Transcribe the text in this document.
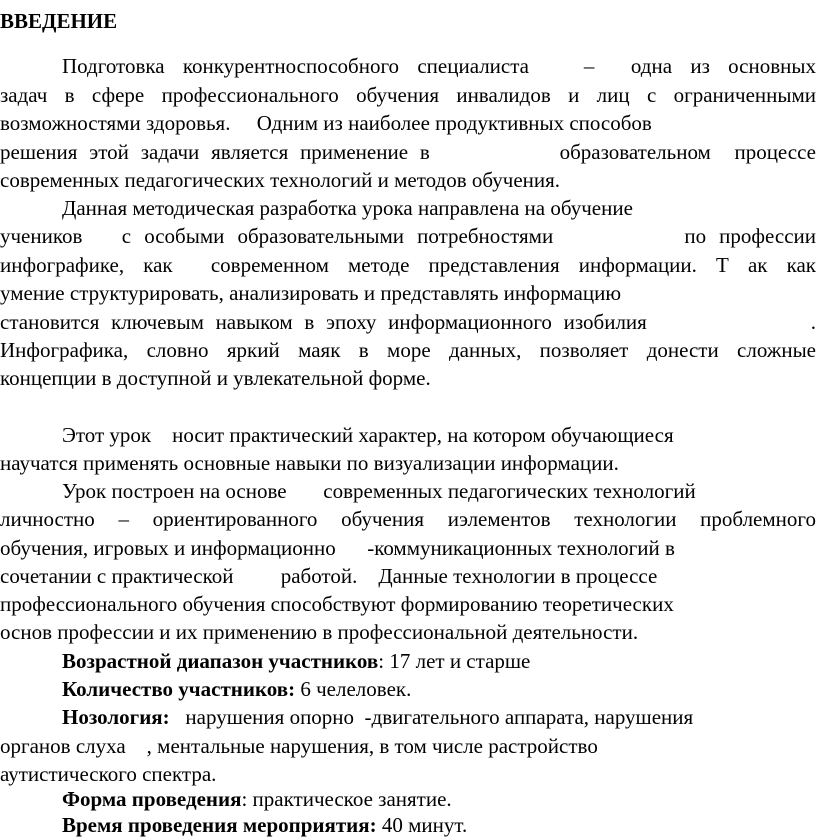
ВВЕДЕНИЕ
Подготовка конкурентноспособного специалиста   –  одна из основных
задач в сфере профессионального обучения инвалидов и лиц с ограниченными
возможностями здоровья.     Одним из наиболее продуктивных способов
решения этой задачи является применение в           образовательном  процессе
современных педагогических технологий и методов обучения.
Данная методическая разработка урока направлена на обучение
учеников   с особыми образовательными потребностями          по профессии
инфографике, как  современном методе представления информации. Т ак как
умение структурировать, анализировать и представлять информацию
становится ключевым навыком в эпоху информационного изобилия              .
Инфографика, словно яркий маяк в море данных, позволяет донести сложные
концепции в доступной и увлекательной форме.
Этот урок    носит практический характер, на котором обучающиеся
научатся применять основные навыки по визуализации информации.
Урок построен на основе       современных педагогических технологий
личностно – ориентированного обучения иэлементов технологии проблемного
обучения, игровых и информационно      -коммуникационных технологий в
сочетании с практической         работой.    Данные технологии в процессе
профессионального обучения способствуют формированию теоретических
основ профессии и их применению в профессиональной деятельности.
Возрастной диапазон участников: 17 лет и старше
Количество участников: 6 челеловек.
Нозология:   нарушения опорно  -двигательного аппарата, нарушения
органов слуха    , ментальные нарушения, в том числе растройство
аутистического спектра.
Форма проведения: практическое занятие.
Время проведения мероприятия: 40 минут.
